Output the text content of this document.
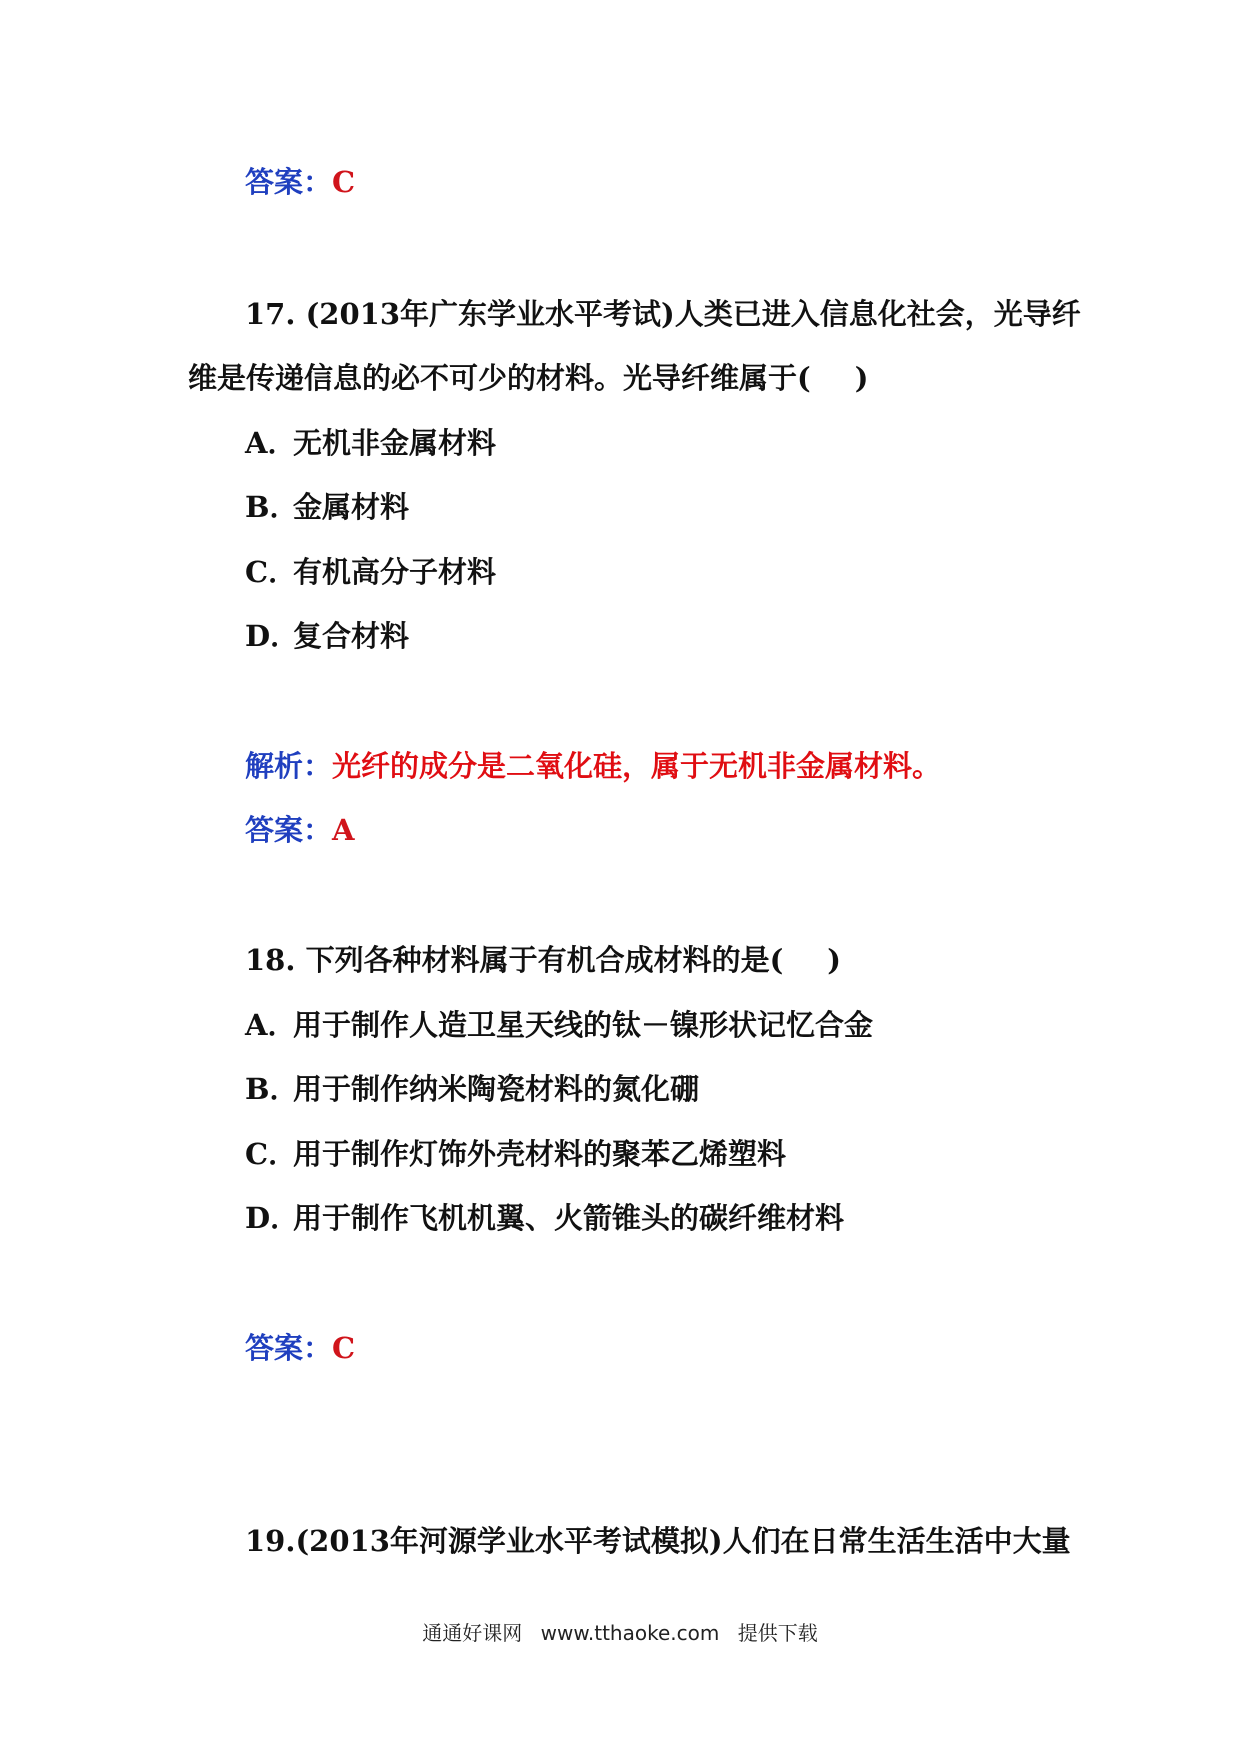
答案：C
17. (2013年广东学业水平考试)人类已进入信息化社会，光导纤
维是传递信息的必不可少的材料。光导纤维属于( )
A．无机非金属材料
B．金属材料
C．有机高分子材料
D．复合材料
解析：光纤的成分是二氧化硅，属于无机非金属材料。
答案：A
18. 下列各种材料属于有机合成材料的是( )
A．用于制作人造卫星天线的钛－镍形状记忆合金
B．用于制作纳米陶瓷材料的氮化硼
C．用于制作灯饰外壳材料的聚苯乙烯塑料
D．用于制作飞机机翼、火箭锥头的碳纤维材料
答案：C
19.(2013年河源学业水平考试模拟)人们在日常生活生活中大量
通通好课网 www.tthaoke.com 提供下载
